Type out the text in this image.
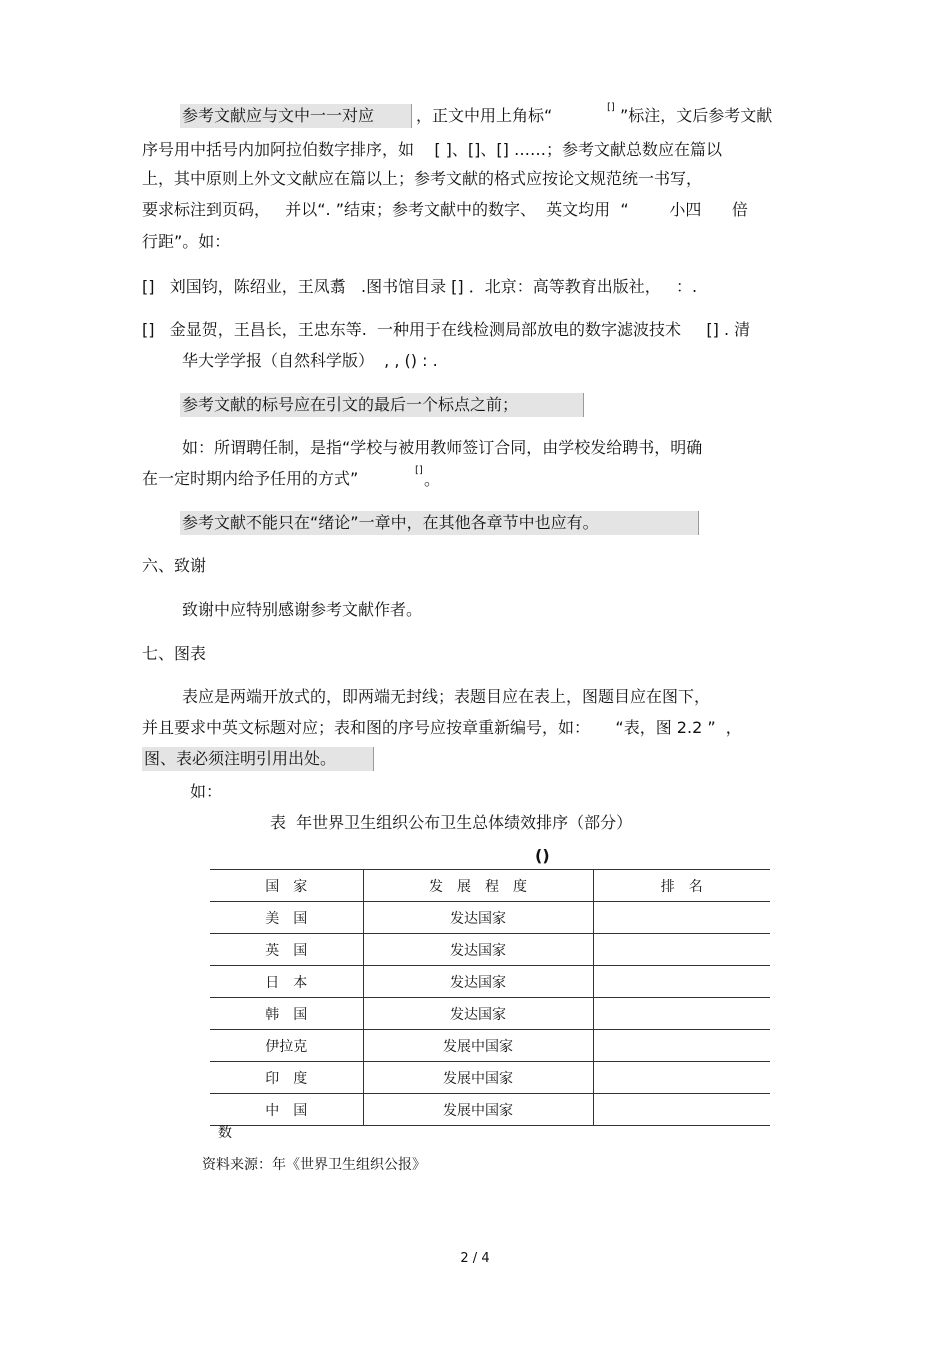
参考文献应与文中一一对应	，正文中用上角标“	[] ”标注，文后参考文献
序号用中括号内加阿拉伯数字排序，如    [ ]、[]、[] ……；参考文献总数应在篇以
上，其中原则上外文文献应在篇以上；参考文献的格式应按论文规范统一书写，
要求标注到页码，   并以“. ”结束；参考文献中的数字、  英文均用  “        小四      倍
行距”。如：
[]   刘国钧，陈绍业，王凤翥   .图书馆目录 [] ．北京：高等教育出版社，   ：.
[]   金显贺，王昌长，王忠东等.  一种用于在线检测局部放电的数字滤波技术     [] . 清
华大学学报（自然科学版）  , , () : .
参考文献的标号应在引文的最后一个标点之前；
如：所谓聘任制，是指“学校与被用教师签订合同，由学校发给聘书，明确
在一定时期内给予任用的方式”	[] 。
参考文献不能只在“绪论”一章中，在其他各章节中也应有。
六、致谢
致谢中应特别感谢参考文献作者。
七、图表
表应是两端开放式的，即两端无封线；表题目应在表上，图题目应在图下，
并且要求中英文标题对应；表和图的序号应按章重新编号，如：     “表，图 2.2 ”  ，
图、表必须注明引用出处。
如：
表  年世界卫生组织公布卫生总体绩效排序（部分）
()
国　家	发　展　程　度	排　名
美　国	发达国家	
英　国	发达国家	
日　本	发达国家	
韩　国	发达国家	
伊拉克	发展中国家	
印　度	发展中国家	
中　国	发展中国家	
数
资料来源：年《世界卫生组织公报》
2 / 4
